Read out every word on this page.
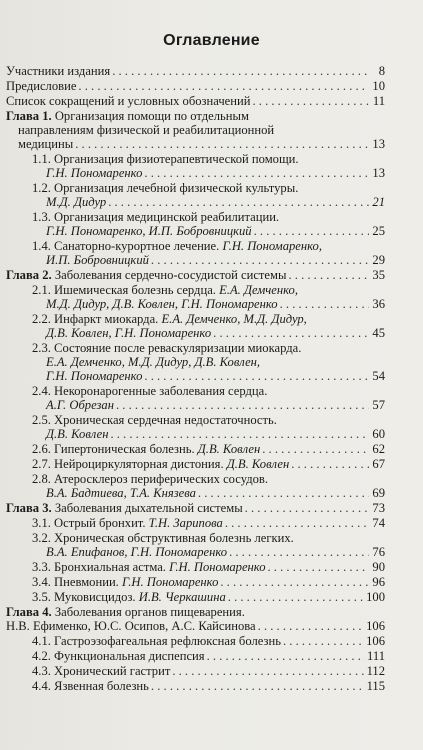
Оглавление
Участники издания . . .	8
Предисловие . . .	10
Список сокращений и условных обозначений . . .	11
Глава 1. Организация помощи по отдельным
направлениям физической и реабилитационной
медицины . . .	13
1.1. Организация физиотерапевтической помощи.
Г.Н. Пономаренко . . .	13
1.2. Организация лечебной физической культуры.
М.Д. Дидур . . .	21
1.3. Организация медицинской реабилитации.
Г.Н. Пономаренко, И.П. Бобровницкий . . .	25
1.4. Санаторно-курортное лечение. Г.Н. Пономаренко,
И.П. Бобровницкий . . .	29
Глава 2. Заболевания сердечно-сосудистой системы . . .	35
2.1. Ишемическая болезнь сердца. Е.А. Демченко,
М.Д. Дидур, Д.В. Ковлен, Г.Н. Пономаренко . . .	36
2.2. Инфаркт миокарда. Е.А. Демченко, М.Д. Дидур,
Д.В. Ковлен, Г.Н. Пономаренко . . .	45
2.3. Состояние после реваскуляризации миокарда.
Е.А. Демченко, М.Д. Дидур, Д.В. Ковлен,
Г.Н. Пономаренко . . .	54
2.4. Некоронарогенные заболевания сердца.
А.Г. Обрезан . . .	57
2.5. Хроническая сердечная недостаточность.
Д.В. Ковлен . . .	60
2.6. Гипертоническая болезнь. Д.В. Ковлен . . .	62
2.7. Нейроциркуляторная дистония. Д.В. Ковлен . . .	67
2.8. Атеросклероз периферических сосудов.
В.А. Бадтиева, Т.А. Князева . . .	69
Глава 3. Заболевания дыхательной системы . . .	73
3.1. Острый бронхит. Т.Н. Зарипова . . .	74
3.2. Хроническая обструктивная болезнь легких.
В.А. Епифанов, Г.Н. Пономаренко . . .	76
3.3. Бронхиальная астма. Г.Н. Пономаренко . . .	90
3.4. Пневмонии. Г.Н. Пономаренко . . .	96
3.5. Муковисцидоз. И.В. Черкашина . . .	100
Глава 4. Заболевания органов пищеварения.
Н.В. Ефименко, Ю.С. Осипов, А.С. Кайсинова . . .	106
4.1. Гастроэзофагеальная рефлюксная болезнь . . .	106
4.2. Функциональная диспепсия . . .	111
4.3. Хронический гастрит . . .	112
4.4. Язвенная болезнь . . .	115
